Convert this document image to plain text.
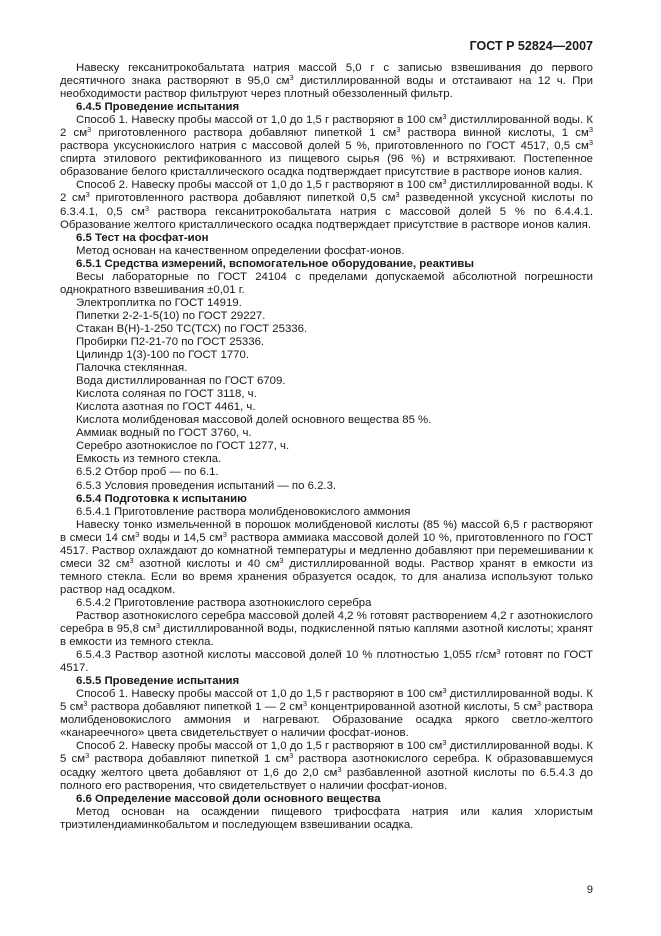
ГОСТ Р 52824—2007

Навеску гексанитрокобальтата натрия массой 5,0 г с записью взвешивания до первого десятичного знака растворяют в 95,0 $см^3$ дистиллированной воды и отстаивают на 12 ч. При необходимости раствор фильтруют через плотный обеззоленный фильтр.

6.4.5 Проведение испытания

Способ 1. Навеску пробы массой от 1,0 до 1,5 г растворяют в 100 $см^3$ дистиллированной воды. К 2 $см^3$ приготовленного раствора добавляют пипеткой 1 $см^3$ раствора винной кислоты, 1 $см^3$ раствора уксуснокислого натрия с массовой долей 5 %, приготовленного по ГОСТ 4517, 0,5 $см^3$ спирта этилового ректификованного из пищевого сырья (96 %) и встряхивают. Постепенное образование белого кристаллического осадка подтверждает присутствие в растворе ионов калия.

Способ 2. Навеску пробы массой от 1,0 до 1,5 г растворяют в 100 $см^3$ дистиллированной воды. К 2 $см^3$ приготовленного раствора добавляют пипеткой 0,5 $см^3$ разведенной уксусной кислоты по 6.3.4.1, 0,5 $см^3$ раствора гексанитрокобальтата натрия с массовой долей 5 % по 6.4.4.1. Образование желтого кристаллического осадка подтверждает присутствие в растворе ионов калия.

6.5 Тест на фосфат-ион

Метод основан на качественном определении фосфат-ионов.

6.5.1 Средства измерений, вспомогательное оборудование, реактивы

Весы лабораторные по ГОСТ 24104 с пределами допускаемой абсолютной погрешности однократного взвешивания ±0,01 г.

Электроплитка по ГОСТ 14919.

Пипетки 2-2-1-5(10) по ГОСТ 29227.

Стакан В(Н)-1-250 ТС(ТСХ) по ГОСТ 25336.

Пробирки П2-21-70 по ГОСТ 25336.

Цилиндр 1(3)-100 по ГОСТ 1770.

Палочка стеклянная.

Вода дистиллированная по ГОСТ 6709.

Кислота соляная по ГОСТ 3118, ч.

Кислота азотная по ГОСТ 4461, ч.

Кислота молибденовая массовой долей основного вещества 85 %.

Аммиак водный по ГОСТ 3760, ч.

Серебро азотнокислое по ГОСТ 1277, ч.

Емкость из темного стекла.

6.5.2 Отбор проб — по 6.1.

6.5.3 Условия проведения испытаний — по 6.2.3.

6.5.4 Подготовка к испытанию

6.5.4.1 Приготовление раствора молибденовокислого аммония

Навеску тонко измельченной в порошок молибденовой кислоты (85 %) массой 6,5 г растворяют в смеси 14 $см^3$ воды и 14,5 $см^3$ раствора аммиака массовой долей 10 %, приготовленного по ГОСТ 4517. Раствор охлаждают до комнатной температуры и медленно добавляют при перемешивании к смеси 32 $см^3$ азотной кислоты и 40 $см^3$ дистиллированной воды. Раствор хранят в емкости из темного стекла. Если во время хранения образуется осадок, то для анализа используют только раствор над осадком.

6.5.4.2 Приготовление раствора азотнокислого серебра

Раствор азотнокислого серебра массовой долей 4,2 % готовят растворением 4,2 г азотнокислого серебра в 95,8 $см^3$ дистиллированной воды, подкисленной пятью каплями азотной кислоты; хранят в емкости из темного стекла.

6.5.4.3 Раствор азотной кислоты массовой долей 10 % плотностью 1,055 $г/см^3$ готовят по ГОСТ 4517.

6.5.5 Проведение испытания

Способ 1. Навеску пробы массой от 1,0 до 1,5 г растворяют в 100 $см^3$ дистиллированной воды. К 5 $см^3$ раствора добавляют пипеткой 1 — 2 $см^3$ концентрированной азотной кислоты, 5 $см^3$ раствора молибденовокислого аммония и нагревают. Образование осадка яркого светло-желтого «канареечного» цвета свидетельствует о наличии фосфат-ионов.

Способ 2. Навеску пробы массой от 1,0 до 1,5 г растворяют в 100 $см^3$ дистиллированной воды. К 5 $см^3$ раствора добавляют пипеткой 1 $см^3$ раствора азотнокислого серебра. К образовавшемуся осадку желтого цвета добавляют от 1,6 до 2,0 $см^3$ разбавленной азотной кислоты по 6.5.4.3 до полного его растворения, что свидетельствует о наличии фосфат-ионов.

6.6 Определение массовой доли основного вещества

Метод основан на осаждении пищевого трифосфата натрия или калия хлористым триэтилендиаминкобальтом и последующем взвешивании осадка.

9
